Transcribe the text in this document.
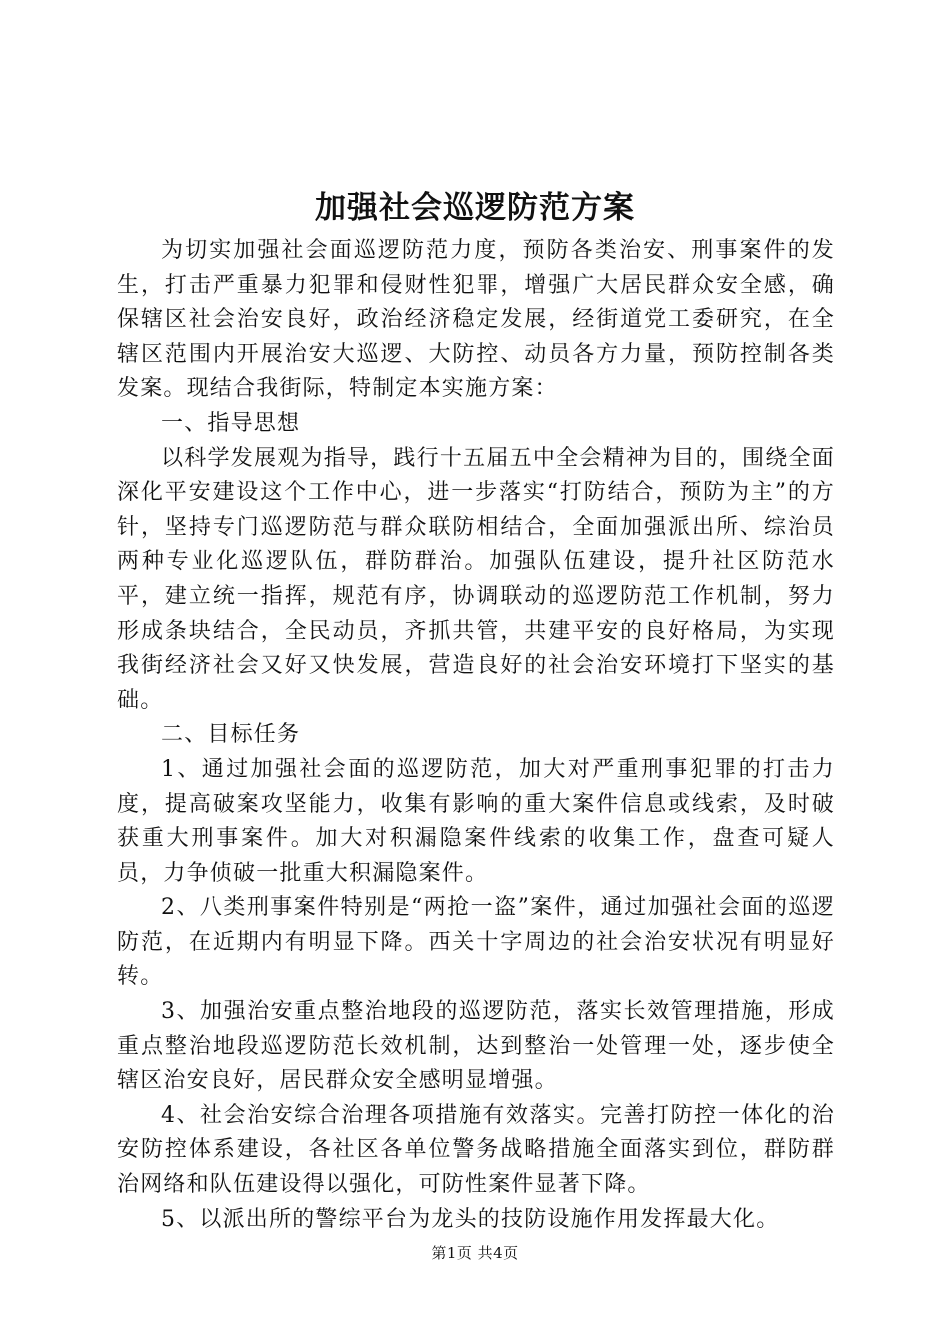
加强社会巡逻防范方案

为切实加强社会面巡逻防范力度，预防各类治安、刑事案件的发生，打击严重暴力犯罪和侵财性犯罪，增强广大居民群众安全感，确保辖区社会治安良好，政治经济稳定发展，经街道党工委研究，在全辖区范围内开展治安大巡逻、大防控、动员各方力量，预防控制各类发案。现结合我街际，特制定本实施方案：

一、指导思想

以科学发展观为指导，践行十五届五中全会精神为目的，围绕全面深化平安建设这个工作中心，进一步落实“打防结合，预防为主”的方针，坚持专门巡逻防范与群众联防相结合，全面加强派出所、综治员两种专业化巡逻队伍，群防群治。加强队伍建设，提升社区防范水平，建立统一指挥，规范有序，协调联动的巡逻防范工作机制，努力形成条块结合，全民动员，齐抓共管，共建平安的良好格局，为实现我街经济社会又好又快发展，营造良好的社会治安环境打下坚实的基础。

二、目标任务

1、通过加强社会面的巡逻防范，加大对严重刑事犯罪的打击力度，提高破案攻坚能力，收集有影响的重大案件信息或线索，及时破获重大刑事案件。加大对积漏隐案件线索的收集工作，盘查可疑人员，力争侦破一批重大积漏隐案件。

2、八类刑事案件特别是“两抢一盗”案件，通过加强社会面的巡逻防范，在近期内有明显下降。西关十字周边的社会治安状况有明显好转。

3、加强治安重点整治地段的巡逻防范，落实长效管理措施，形成重点整治地段巡逻防范长效机制，达到整治一处管理一处，逐步使全辖区治安良好，居民群众安全感明显增强。

4、社会治安综合治理各项措施有效落实。完善打防控一体化的治安防控体系建设，各社区各单位警务战略措施全面落实到位，群防群治网络和队伍建设得以强化，可防性案件显著下降。

5、以派出所的警综平台为龙头的技防设施作用发挥最大化。

第1页 共4页
